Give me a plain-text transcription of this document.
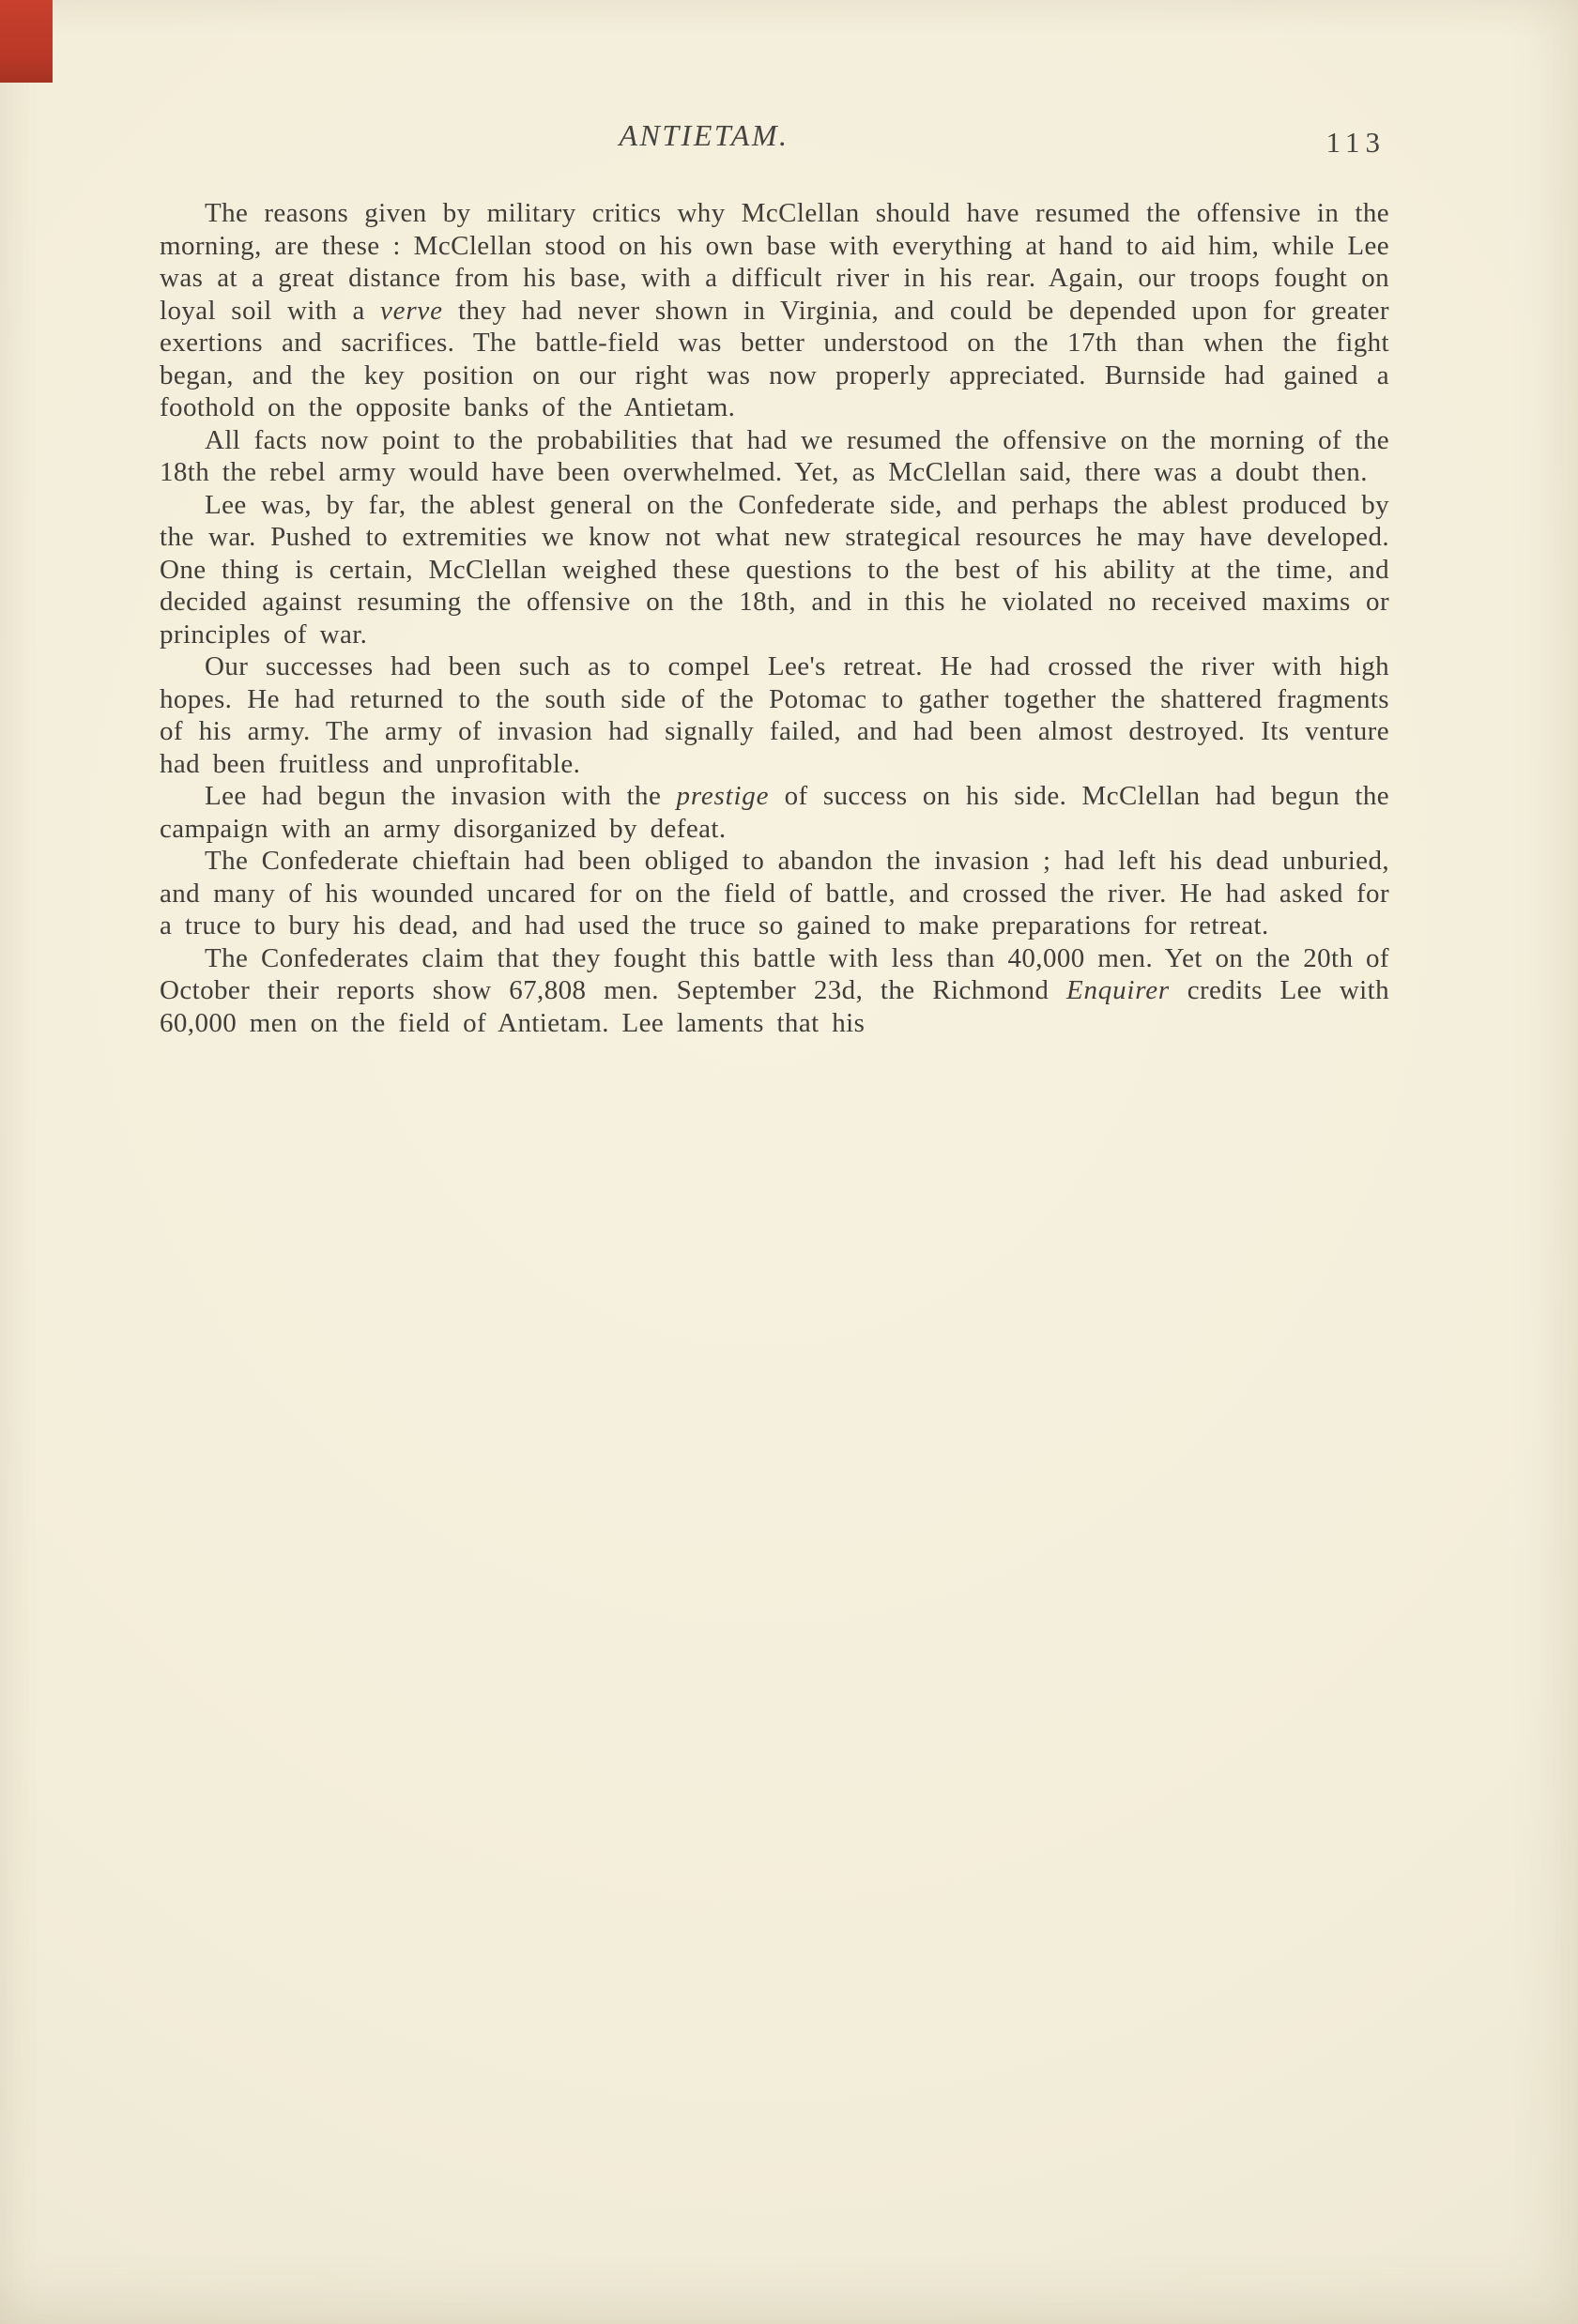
ANTIETAM.	113

The reasons given by military critics why McClellan should have resumed the offensive in the morning, are these : McClellan stood on his own base with everything at hand to aid him, while Lee was at a great distance from his base, with a difficult river in his rear. Again, our troops fought on loyal soil with a verve they had never shown in Virginia, and could be depended upon for greater exertions and sacrifices. The battle-field was better understood on the 17th than when the fight began, and the key position on our right was now properly appreciated. Burnside had gained a foothold on the opposite banks of the Antietam.

All facts now point to the probabilities that had we resumed the offensive on the morning of the 18th the rebel army would have been overwhelmed. Yet, as McClellan said, there was a doubt then.

Lee was, by far, the ablest general on the Confederate side, and perhaps the ablest produced by the war. Pushed to extremities we know not what new strategical resources he may have developed. One thing is certain, McClellan weighed these questions to the best of his ability at the time, and decided against resuming the offensive on the 18th, and in this he violated no received maxims or principles of war.

Our successes had been such as to compel Lee's retreat. He had crossed the river with high hopes. He had returned to the south side of the Potomac to gather together the shattered fragments of his army. The army of invasion had signally failed, and had been almost destroyed. Its venture had been fruitless and unprofitable.

Lee had begun the invasion with the prestige of success on his side. McClellan had begun the campaign with an army disorganized by defeat.

The Confederate chieftain had been obliged to abandon the invasion ; had left his dead unburied, and many of his wounded uncared for on the field of battle, and crossed the river. He had asked for a truce to bury his dead, and had used the truce so gained to make preparations for retreat.

The Confederates claim that they fought this battle with less than 40,000 men. Yet on the 20th of October their reports show 67,808 men. September 23d, the Richmond Enquirer credits Lee with 60,000 men on the field of Antietam. Lee laments that his
